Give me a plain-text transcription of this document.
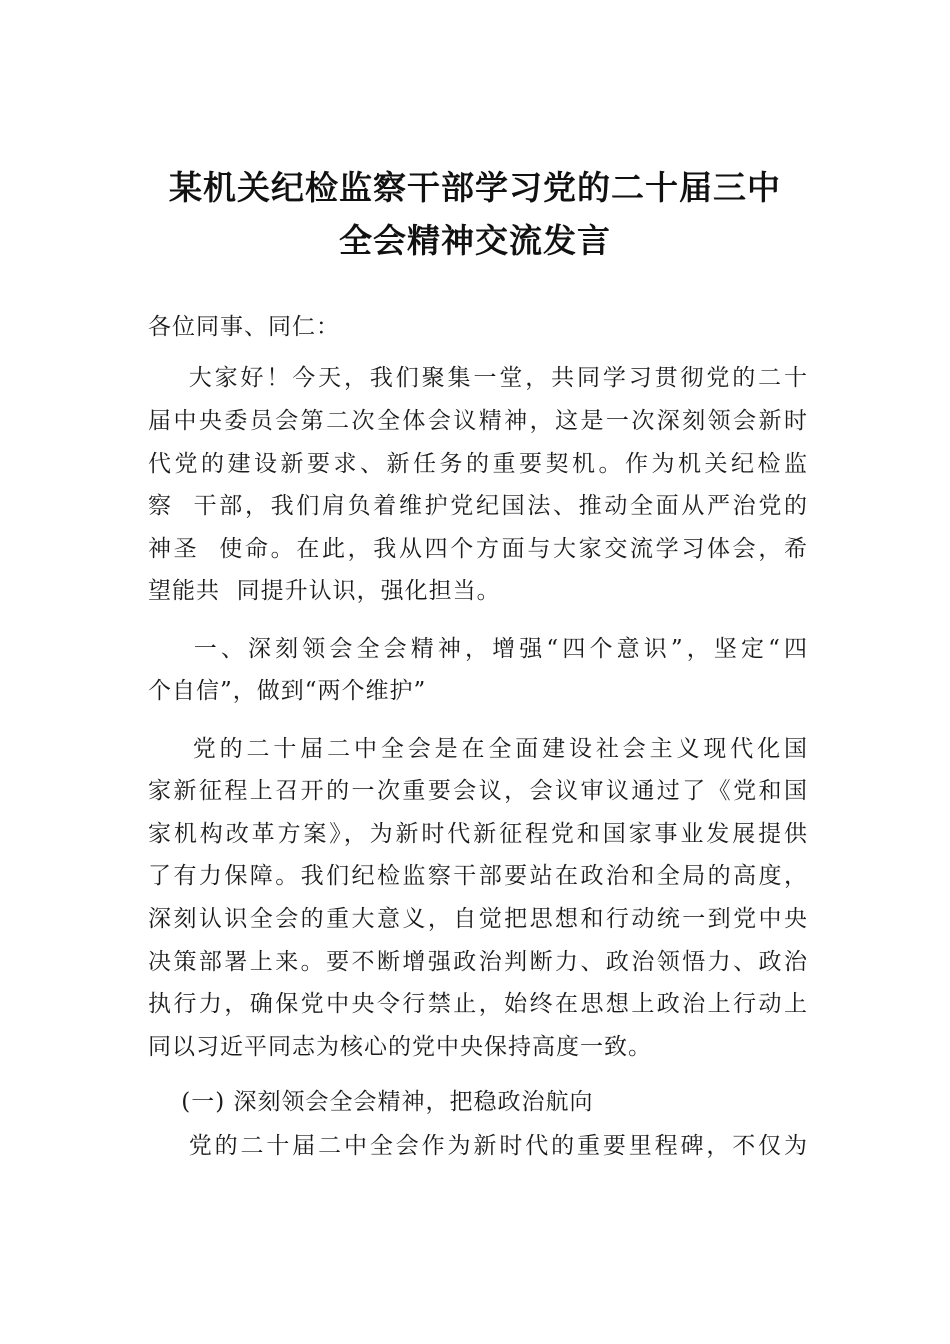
某机关纪检监察干部学习党的二十届三中
全会精神交流发言
各位同事、同仁：
大家好！今天，我们聚集一堂，共同学习贯彻党的二十
届中央委员会第二次全体会议精神，这是一次深刻领会新时
代党的建设新要求、新任务的重要契机。作为机关纪检监
察  干部，我们肩负着维护党纪国法、推动全面从严治党的
神圣  使命。在此，我从四个方面与大家交流学习体会，希
望能共  同提升认识，强化担当。
一、深刻领会全会精神，增强“四个意识”，坚定“四
个自信”，做到“两个维护”
党的二十届二中全会是在全面建设社会主义现代化国
家新征程上召开的一次重要会议，会议审议通过了《党和国
家机构改革方案》，为新时代新征程党和国家事业发展提供
了有力保障。我们纪检监察干部要站在政治和全局的高度，
深刻认识全会的重大意义，自觉把思想和行动统一到党中央
决策部署上来。要不断增强政治判断力、政治领悟力、政治
执行力，确保党中央令行禁止，始终在思想上政治上行动上
同以习近平同志为核心的党中央保持高度一致。
(一) 深刻领会全会精神，把稳政治航向
党的二十届二中全会作为新时代的重要里程碑，不仅为
